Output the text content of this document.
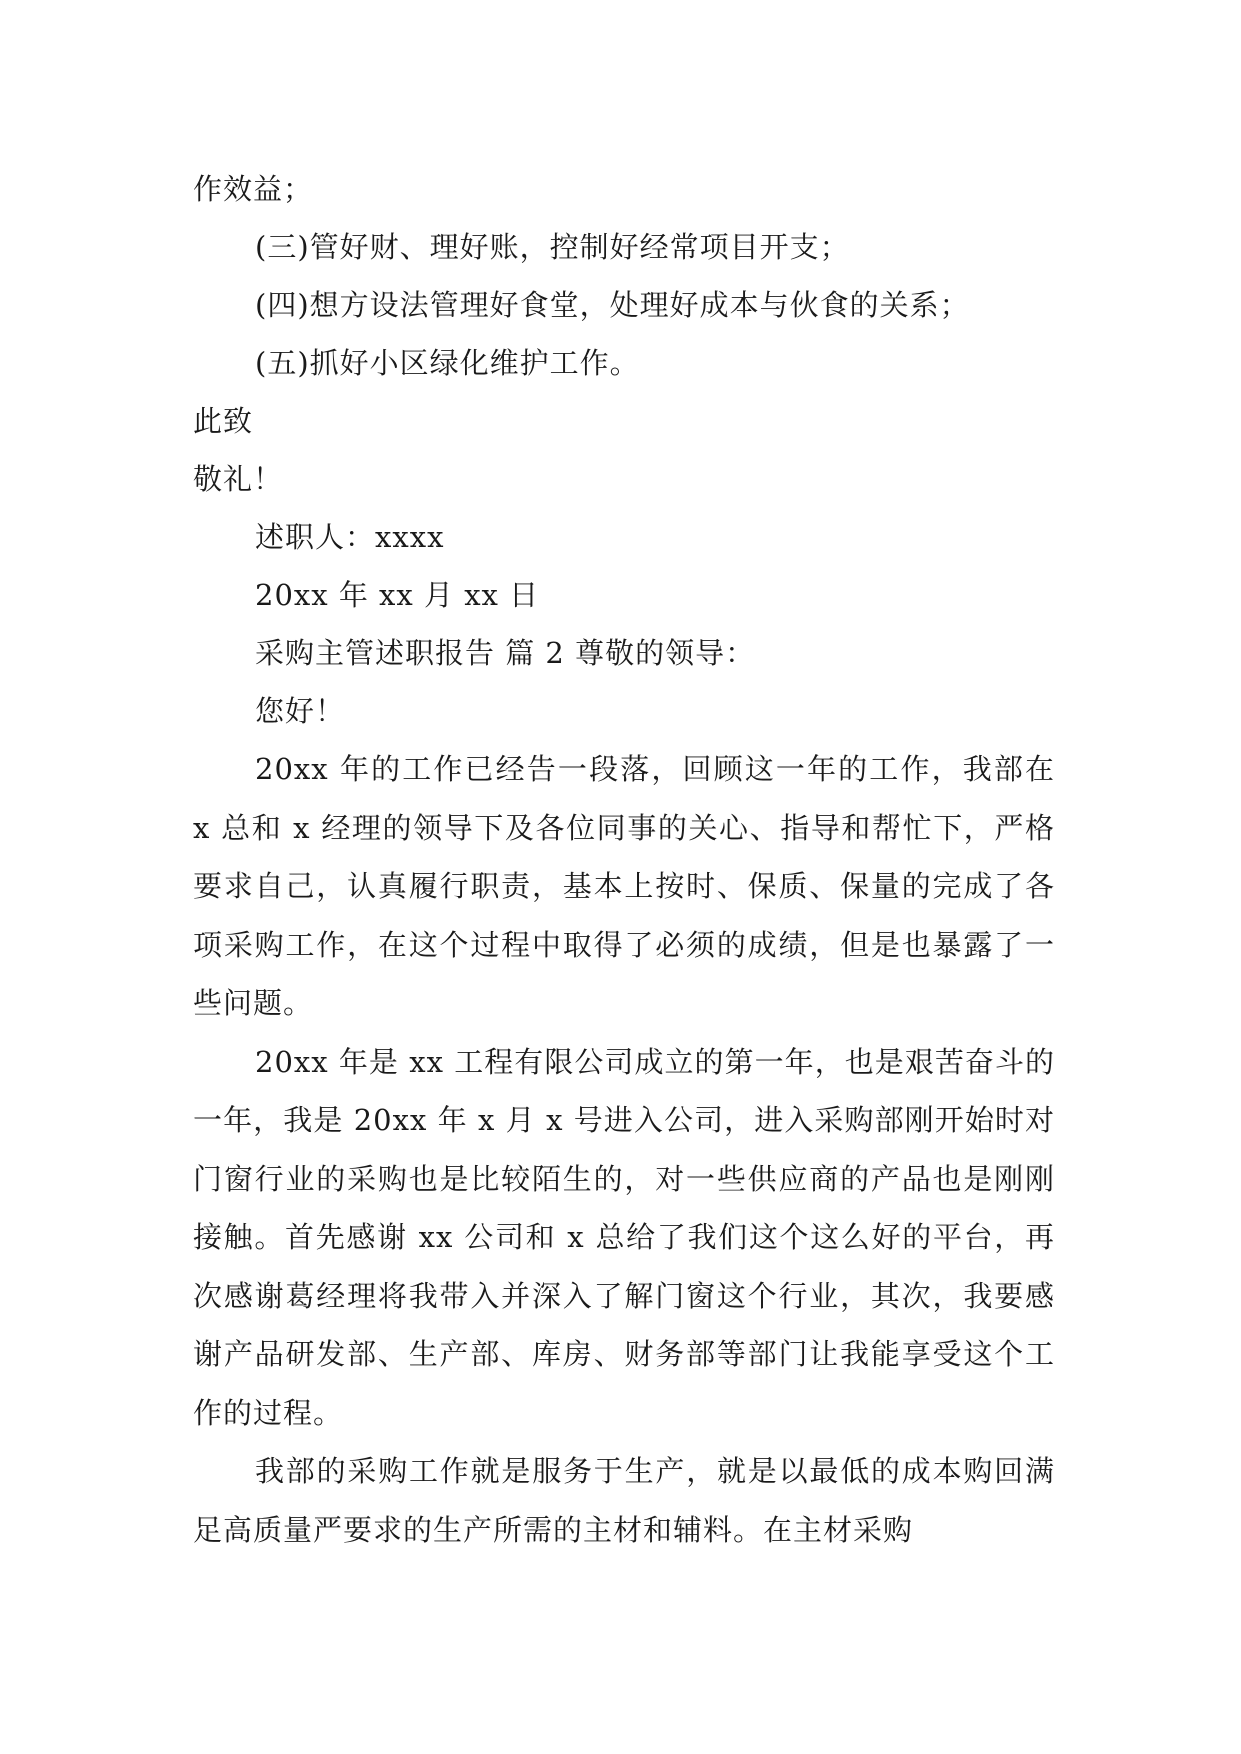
作效益；
(三)管好财、理好账，控制好经常项目开支；
(四)想方设法管理好食堂，处理好成本与伙食的关系；
(五)抓好小区绿化维护工作。
此致
敬礼！
述职人：xxxx
20xx 年 xx 月 xx 日
采购主管述职报告 篇 2 尊敬的领导：
您好！

20xx 年的工作已经告一段落，回顾这一年的工作，我部在 x 总和 x 经理的领导下及各位同事的关心、指导和帮忙下，严格要求自己，认真履行职责，基本上按时、保质、保量的完成了各项采购工作，在这个过程中取得了必须的成绩，但是也暴露了一些问题。

20xx 年是 xx 工程有限公司成立的第一年，也是艰苦奋斗的一年，我是 20xx 年 x 月 x 号进入公司，进入采购部刚开始时对门窗行业的采购也是比较陌生的，对一些供应商的产品也是刚刚接触。首先感谢 xx 公司和 x 总给了我们这个这么好的平台，再次感谢葛经理将我带入并深入了解门窗这个行业，其次，我要感谢产品研发部、生产部、库房、财务部等部门让我能享受这个工作的过程。

我部的采购工作就是服务于生产，就是以最低的成本购回满足高质量严要求的生产所需的主材和辅料。在主材采购
